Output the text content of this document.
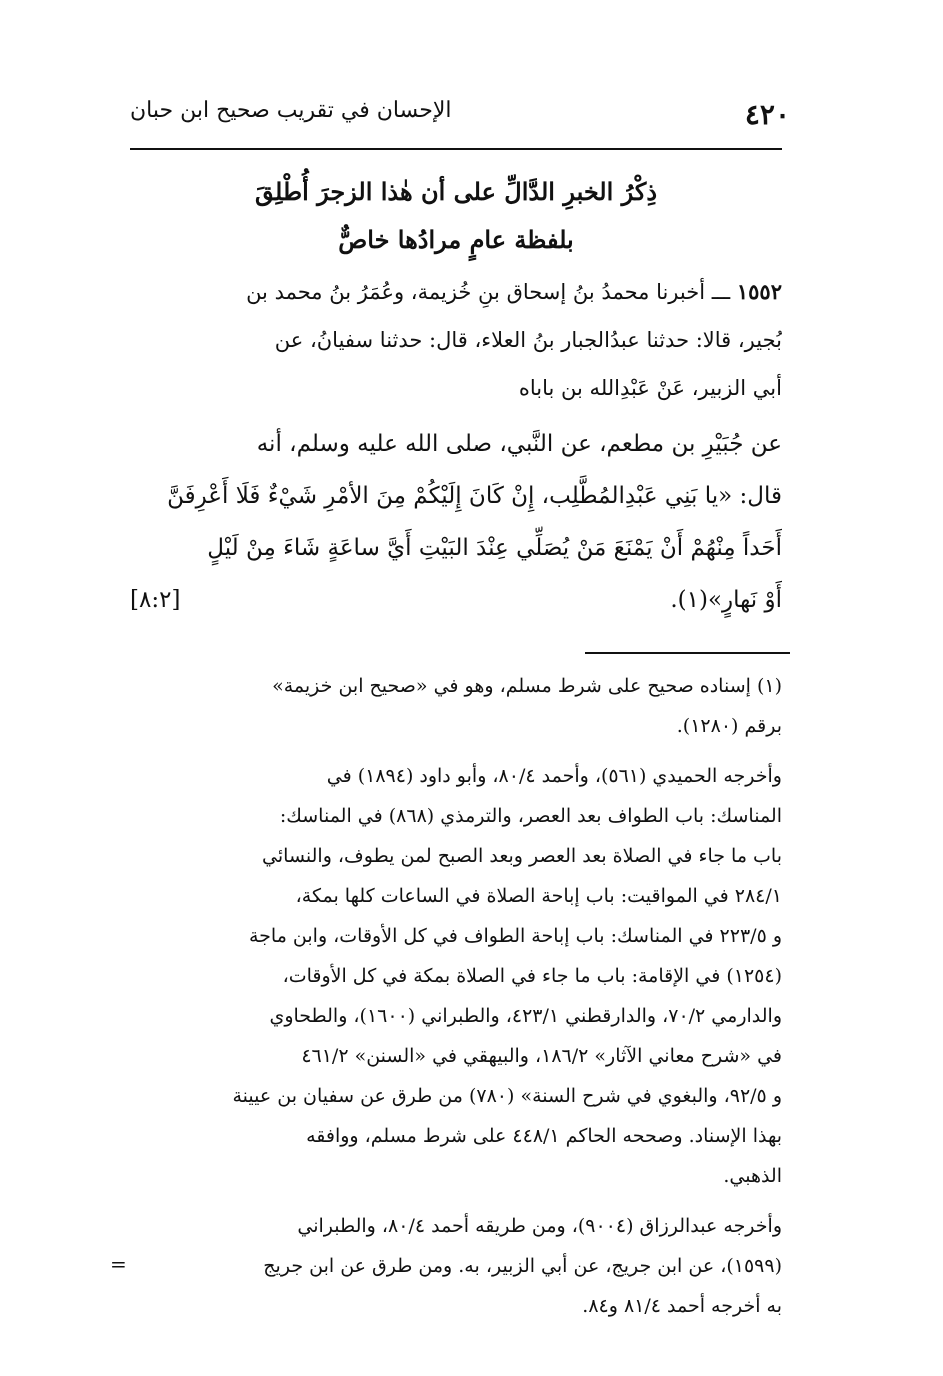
٤٢٠
الإحسان في تقريب صحيح ابن حبان
ذِكْرُ الخبرِ الدَّالِّ على أن هٰذا الزجرَ أُطْلِقَ
بلفظة عامٍ مرادُها خاصٌّ
١٥٥٢ ـــ أخبرنا محمدُ بنُ إسحاق بنِ خُزيمة، وعُمَرُ بنُ محمد بن
بُجير، قالا: حدثنا عبدُالجبار بنُ العلاء، قال: حدثنا سفيانُ، عن
أبي الزبير، عَنْ عَبْدِالله بن باباه
عن جُبَيْرِ بن مطعم، عن النَّبي، صلى الله عليه وسلم، أنه
قال: «يا بَنِي عَبْدِالمُطَّلِب، إِنْ كَانَ إِلَيْكُمْ مِنَ الأمْرِ شَيْءٌ فَلَا أَعْرِفَنَّ
أَحَداً مِنْهُمْ أَنْ يَمْنَعَ مَنْ يُصَلِّي عِنْدَ البَيْتِ أَيَّ ساعَةٍ شَاءَ مِنْ لَيْلٍ
أَوْ نَهارٍ»(١).
[٨:٢]
(١) إسناده صحيح على شرط مسلم، وهو في «صحيح ابن خزيمة»
برقم (١٢٨٠).
وأخرجه الحميدي (٥٦١)، وأحمد ٨٠/٤، وأبو داود (١٨٩٤) في
المناسك: باب الطواف بعد العصر، والترمذي (٨٦٨) في المناسك:
باب ما جاء في الصلاة بعد العصر وبعد الصبح لمن يطوف، والنسائي
٢٨٤/١ في المواقيت: باب إباحة الصلاة في الساعات كلها بمكة،
و ٢٢٣/٥ في المناسك: باب إباحة الطواف في كل الأوقات، وابن ماجة
(١٢٥٤) في الإقامة: باب ما جاء في الصلاة بمكة في كل الأوقات،
والدارمي ٧٠/٢، والدارقطني ٤٢٣/١، والطبراني (١٦٠٠)، والطحاوي
في «شرح معاني الآثار» ١٨٦/٢، والبيهقي في «السنن» ٤٦١/٢
و ٩٢/٥، والبغوي في شرح السنة» (٧٨٠) من طرق عن سفيان بن عيينة
بهذا الإسناد. وصححه الحاكم ٤٤٨/١ على شرط مسلم، ووافقه
الذهبي.
وأخرجه عبدالرزاق (٩٠٠٤)، ومن طريقه أحمد ٨٠/٤، والطبراني
(١٥٩٩)، عن ابن جريج، عن أبي الزبير، به. ومن طرق عن ابن جريج
به أخرجه أحمد ٨١/٤ و٨٤.
=
